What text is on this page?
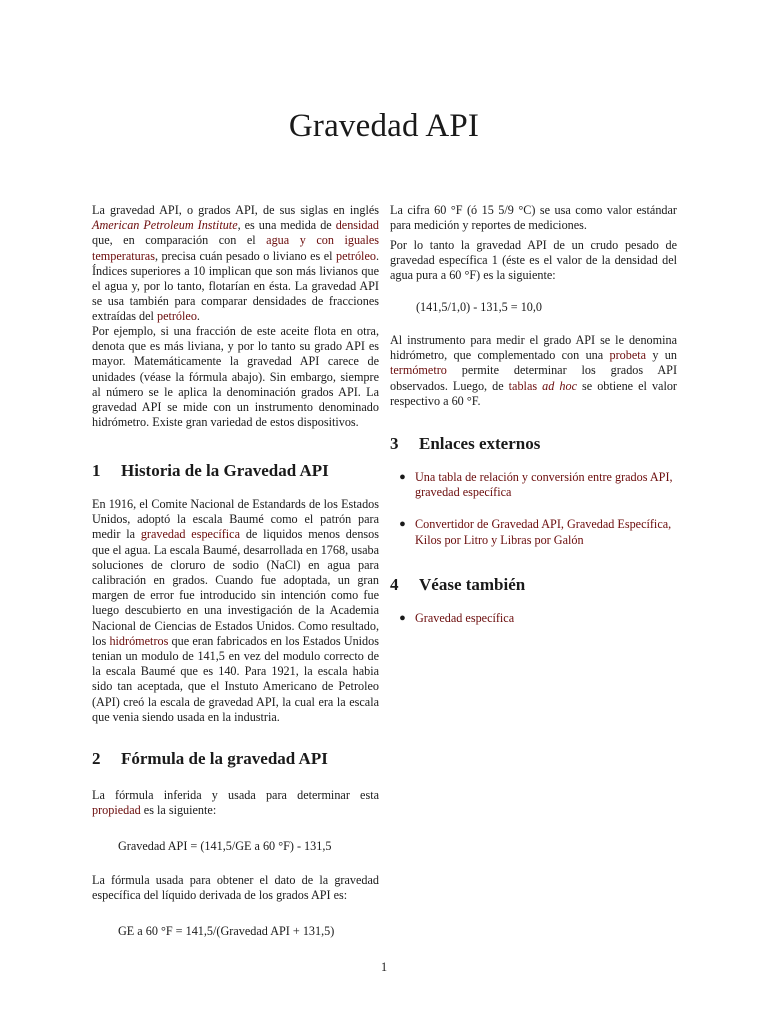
Gravedad API

La gravedad API, o grados API, de sus siglas en inglés American Petroleum Institute, es una medida de densidad que, en comparación con el agua y con iguales temperaturas, precisa cuán pesado o liviano es el petróleo. Índices superiores a 10 implican que son más livianos que el agua y, por lo tanto, flotarían en ésta. La gravedad API se usa también para comparar densidades de fracciones extraídas del petróleo.

Por ejemplo, si una fracción de este aceite flota en otra, denota que es más liviana, y por lo tanto su grado API es mayor. Matemáticamente la gravedad API carece de unidades (véase la fórmula abajo). Sin embargo, siempre al número se le aplica la denominación grados API. La gravedad API se mide con un instrumento denominado hidrómetro. Existe gran variedad de estos dispositivos.

1	Historia de la Gravedad API

En 1916, el Comite Nacional de Estandards de los Estados Unidos, adoptó la escala Baumé como el patrón para medir la gravedad específica de liquidos menos densos que el agua. La escala Baumé, desarrollada en 1768, usaba soluciones de cloruro de sodio (NaCl) en agua para calibración en grados. Cuando fue adoptada, un gran margen de error fue introducido sin intención como fue luego descubierto en una investigación de la Academia Nacional de Ciencias de Estados Unidos. Como resultado, los hidrómetros que eran fabricados en los Estados Unidos tenian un modulo de 141,5 en vez del modulo correcto de la escala Baumé que es 140. Para 1921, la escala habia sido tan aceptada, que el Instuto Americano de Petroleo (API) creó la escala de gravedad API, la cual era la escala que venia siendo usada en la industria.

2	Fórmula de la gravedad API

La fórmula inferida y usada para determinar esta propiedad es la siguiente:

Gravedad API = (141,5/GE a 60 °F) - 131,5

La fórmula usada para obtener el dato de la gravedad específica del líquido derivada de los grados API es:

GE a 60 °F = 141,5/(Gravedad API + 131,5)

La cifra 60 °F (ó 15 5/9 °C) se usa como valor estándar para medición y reportes de mediciones.

Por lo tanto la gravedad API de un crudo pesado de gravedad específica 1 (éste es el valor de la densidad del agua pura a 60 °F) es la siguiente:

(141,5/1,0) - 131,5 = 10,0

Al instrumento para medir el grado API se le denomina hidrómetro, que complementado con una probeta y un termómetro permite determinar los grados API observados. Luego, de tablas ad hoc se obtiene el valor respectivo a 60 °F.

3	Enlaces externos
● Una tabla de relación y conversión entre grados API, gravedad específica
● Convertidor de Gravedad API, Gravedad Específica, Kilos por Litro y Libras por Galón
4	Véase también
● Gravedad específica
1
